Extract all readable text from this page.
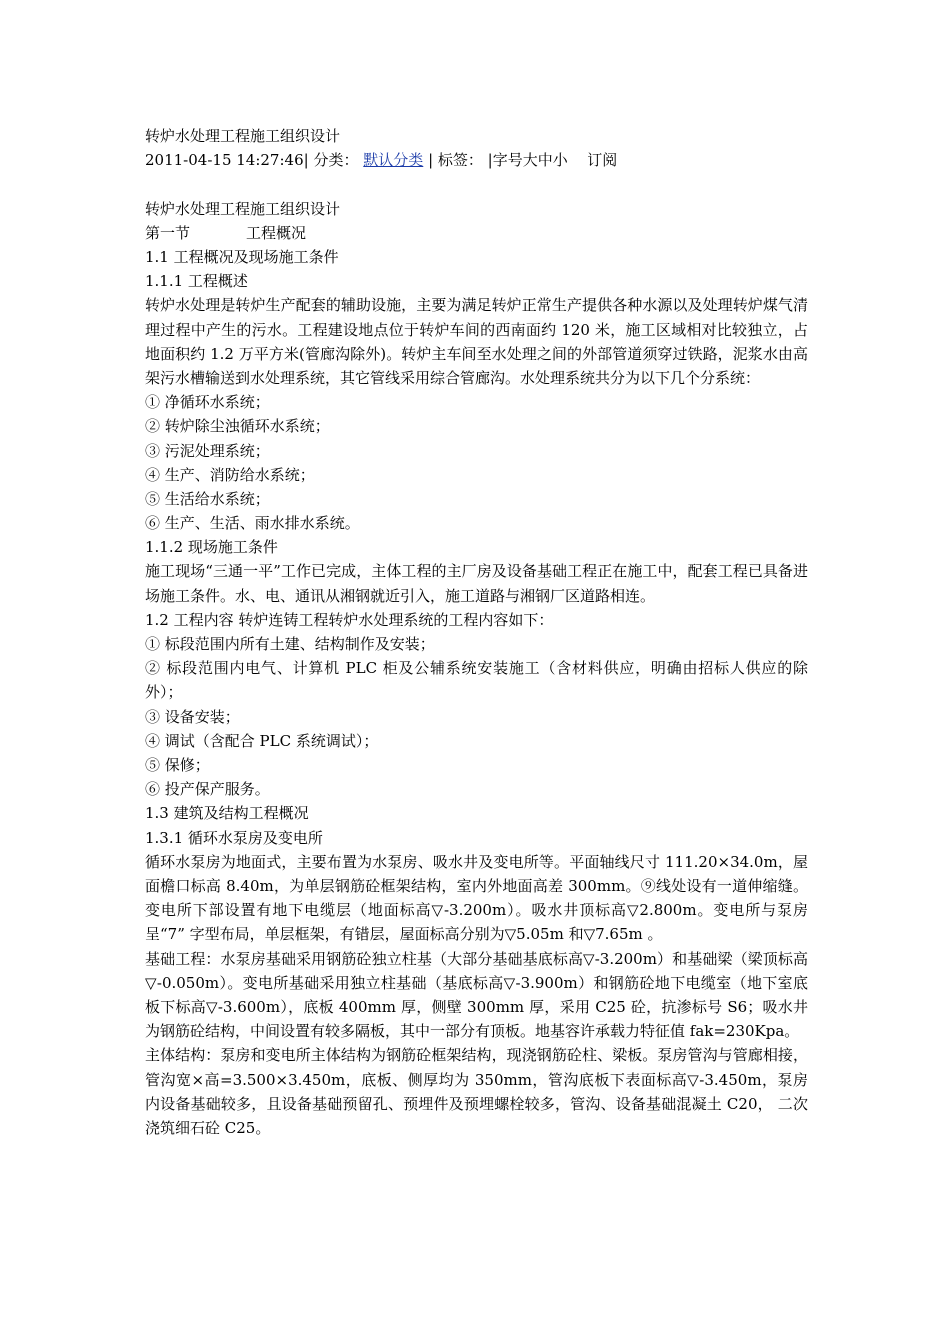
转炉水处理工程施工组织设计
2011-04-15 14:27:46| 分类： 默认分类 | 标签： |字号大中小 订阅
转炉水处理工程施工组织设计
第一节	工程概况
1.1 工程概况及现场施工条件
1.1.1 工程概述
转炉水处理是转炉生产配套的辅助设施，主要为满足转炉正常生产提供各种水源以及处理转炉煤气清理过程中产生的污水。工程建设地点位于转炉车间的西南面约 120 米，施工区域相对比较独立，占地面积约 1.2 万平方米(管廊沟除外)。转炉主车间至水处理之间的外部管道须穿过铁路，泥浆水由高架污水槽输送到水处理系统，其它管线采用综合管廊沟。水处理系统共分为以下几个分系统：
① 净循环水系统；
② 转炉除尘浊循环水系统；
③ 污泥处理系统；
④ 生产、消防给水系统；
⑤ 生活给水系统；
⑥ 生产、生活、雨水排水系统。
1.1.2 现场施工条件
施工现场“三通一平”工作已完成，主体工程的主厂房及设备基础工程正在施工中，配套工程已具备进场施工条件。水、电、通讯从湘钢就近引入，施工道路与湘钢厂区道路相连。
1.2 工程内容 转炉连铸工程转炉水处理系统的工程内容如下：
① 标段范围内所有土建、结构制作及安装；
② 标段范围内电气、计算机 PLC 柜及公辅系统安装施工（含材料供应，明确由招标人供应的除外）；
③ 设备安装；
④ 调试（含配合 PLC 系统调试）；
⑤ 保修；
⑥ 投产保产服务。
1.3 建筑及结构工程概况
1.3.1 循环水泵房及变电所
循环水泵房为地面式，主要布置为水泵房、吸水井及变电所等。平面轴线尺寸 111.20×34.0m，屋面檐口标高 8.40m，为单层钢筋砼框架结构，室内外地面高差 300mm。⑨线处设有一道伸缩缝。变电所下部设置有地下电缆层（地面标高▽-3.200m）。吸水井顶标高▽2.800m。变电所与泵房呈“7” 字型布局，单层框架，有错层，屋面标高分别为▽5.05m 和▽7.65m 。
基础工程：水泵房基础采用钢筋砼独立柱基（大部分基础基底标高▽-3.200m）和基础梁（梁顶标高▽-0.050m）。变电所基础采用独立柱基础（基底标高▽-3.900m）和钢筋砼地下电缆室（地下室底板下标高▽-3.600m），底板 400mm 厚，侧壁 300mm 厚，采用 C25 砼，抗渗标号 S6；吸水井为钢筋砼结构，中间设置有较多隔板，其中一部分有顶板。地基容许承载力特征值 fak=230Kpa。
主体结构：泵房和变电所主体结构为钢筋砼框架结构，现浇钢筋砼柱、梁板。泵房管沟与管廊相接，管沟宽×高=3.500×3.450m，底板、侧厚均为 350mm，管沟底板下表面标高▽-3.450m，泵房内设备基础较多，且设备基础预留孔、预埋件及预埋螺栓较多，管沟、设备基础混凝土 C20， 二次浇筑细石砼 C25。
